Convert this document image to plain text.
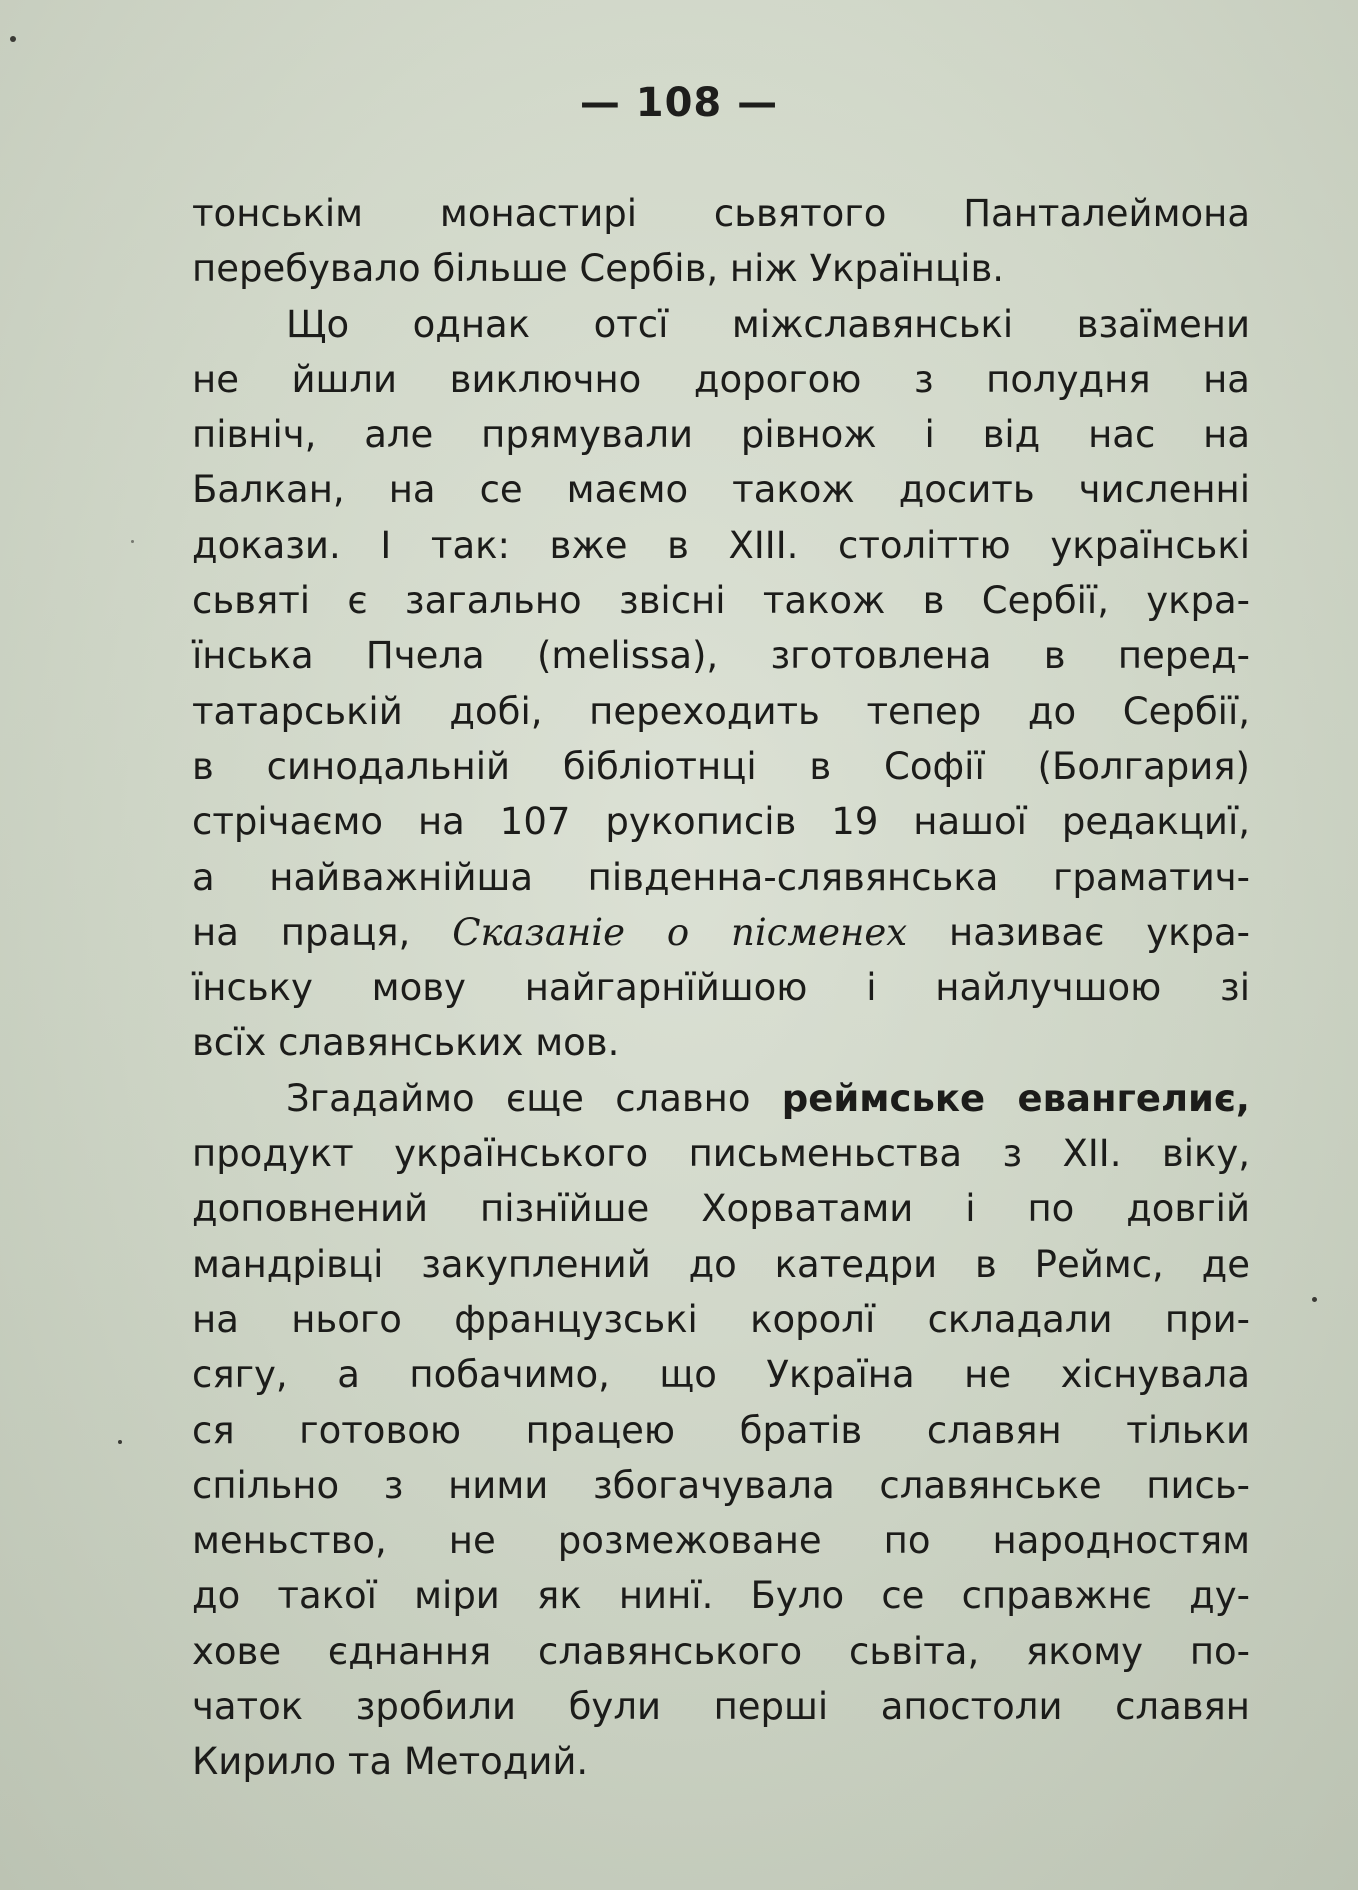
— 108 —
тонськім монастирі сьвятого Панталеймона
перебувало більше Сербів, ніж Українців.
Що однак отсї міжславянські взаїмени
не йшли виключно дорогою з полудня на
північ, але прямували рівнож і від нас на
Балкан, на се маємо також досить численні
докази. І так: вже в XIII. століттю українські
сьвяті є загально звісні також в Сербії, укра-
їнська Пчела (melissa), зготовлена в перед-
татарській добі, переходить тепер до Сербії,
в синодальній бібліотнці в Софії (Болгария)
стрічаємо на 107 рукописів 19 нашої редакциї,
а найважнійша південна-слявянська граматич-
на праця, Сказаніе о пісменех називає укра-
їнську мову найгарнїйшою і найлучшою зі
всїх славянських мов.
Згадаймо єще славно реймське евангелиє,
продукт українського письменьства з XII. віку,
доповнений пізнїйше Хорватами і по довгій
мандрівці закуплений до катедри в Реймс, де
на нього французські королї складали при-
сягу, а побачимо, що Україна не хіснувала
ся готовою працею братів славян тільки
спільно з ними збогачувала славянське пись-
меньство, не розмежоване по народностям
до такої міри як нинї. Було се справжнє ду-
хове єднання славянського сьвіта, якому по-
чаток зробили були перші апостоли славян
Кирило та Методий.
